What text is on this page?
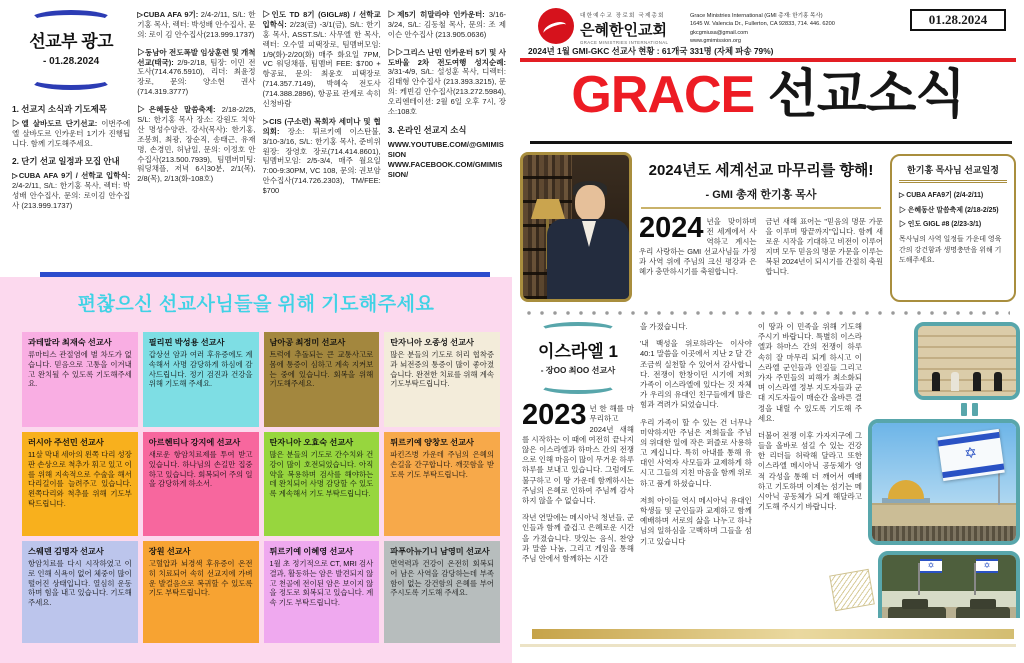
선교부 광고
- 01.28.2024
1. 선교지 소식과 기도제목
▷엘 살바도르 단기선교: 이번주에 엘 살바도르 인카운터 1기가 진행됩니다. 함께 기도해주세요.
2. 단기 선교 일정과 모집 안내
▷CUBA AFA 9기 / 선학교 입학식: 2/4-2/11, S/L: 한기홍 목사, 렉터: 박성배 안수집사, 문의: 로이김 안수집사 (213.999.1737)
▷CUBA AFA 9기: 2/4-2/11, S/L: 한기홍 목사, 렉터: 박성배 안수집사, 문의: 로이 김 안수집사(213.999.1737)
▷동남아 전도폭발 임상훈련 및 개척선교(태국): 2/9-2/18, 팀장: 이민 전도사(714.476.5910), 리더: 최윤정 장로, 문의: 양소현 권사(714.319.3777)
▷은혜동산 말씀축제: 2/18-2/25, S/L: 한기홍 목사 장소: 강원도 치악산 명성수양관, 강사(목사): 한기홍, 조봉희, 최광, 장순직, 송태근, 유재명, 손경민, 허남일, 문의: 이정호 안수집사(213.500.7939), 팀멤버미팅: 워딩채플, 저녁 6시30분, 2/1(목), 2/8(목), 2/13(화-108호)
▷인도 TD 8기 (GIGL#8) / 선학교 입학식: 2/23(금) -3/1(금), S/L: 한기홍 목사, ASST.S/L: 사무엘 한 목사, 렉터: 오수열 피택장로, 팀멤버모임: 1/9(화)-2/20(화) 매주 화요일 7PM, VC 워딩채플, 팀멤버 FEE: $700 + 항공료, 문의: 최윤호 피택장로(714.357.7149), 박혜숙 전도사(714.388.2896), 항공료 관계로 속히 신청바람
▷CIS (구소련) 목회자 세미나 및 협의회: 장소: 튀르키예 이스탄불, 3/10-3/16, S/L: 한기홍 목사, 준비위원장: 장영호 장로(714.414.8601), 팀멤버모임: 2/5-3/4, 매주 월요일 7:00-9:30PM, VC 108, 문의: 권보암 안수집사(714.726.2303), TM/FEE: $700
▷제5기 히말라야 인카운터: 3/16-3/24, S/L: 김동철 목사, 문의: 조 제이슨 안수집사 (213.905.0636)
▷▷그리스 난민 인카운터 5기 및 사도바울 2차 전도여행 성지순례: 3/31-4/9, S/L: 설성훈 목사, 디렉터: 김태형 안수집사 (213.393.3215), 문의: 케빈김 안수집사(213.272.5984), 오리엔테이션: 2월 6일 오후 7시, 장소:108호
3. 온라인 선교지 소식
WWW.YOUTUBE.COM/@GMIMISSION
WWW.FACEBOOK.COM/GMIMISSION/
편찮으신 선교사님들을 위해 기도해주세요
과테말라 최재숙 선교사

류마티스 관절염에 별 차도가 없습니다. 믿음으로 고통을 이겨내고 완치될 수 있도록 기도해주세요.

필리핀 박성용 선교사

갑상선 암과 여러 후유증에도 계속해서 사명 감당하게 하심에 감사드립니다. 정기 검진과 건강을 위해 기도해 주세요.

남아공 최정미 선교사

트럭에 추돌되는 큰 교통사고로 몸에 통증이 심하고 계속 지켜보는 중에 있습니다. 회복을 위해 기도해주세요.

탄자니아 오종성 선교사

많은 분들의 기도로 허리 협착증과 뇌전증의 통증이 많이 좋아졌습니다. 완전한 치료를 위해 계속 기도부탁드립니다.

러시아 주선민 선교사

11살 막내 세아의 왼쪽 다리 성장판 손상으로 척추가 휘고 있고 이를 위해 지속적으로 수술을 해서 다리길이를 늘려주고 있습니다. 왼쪽다리와 척추를 위해 기도부탁드립니다.

아르헨티나 강지에 선교사

새로운 항암치료제를 투여 받고 있습니다. 하나님의 손길만 집중하고 있습니다. 회복되어 주의 일을 감당하게 하소서.

탄자니아 오효숙 선교사

많은 분들의 기도로 간수치와 건강이 많이 호전되었습니다. 아직 약을 복용하며 검사를 해야하는데 완치되어 사명 감당할 수 있도록 계속해서 기도 부탁드립니다.

튀르키예 양창모 선교사

파킨즈병 가운데 주님의 은혜의 손길을 간구합니다. 깨끗함을 받도록 기도 부탁드립니다.

스웨덴 김명자 선교사

항암치료를 다시 시작하였고 이로 인해 식욕이 없어 체중이 많이 떨어진 상태입니다. 열심히 운동하며 힘을 내고 있습니다. 기도해 주세요.

장원 선교사

고혈압과 뇌경색 후유증이 온전히 치료되어 속히 선교지에 가벼운 발걸음으로 복귀할 수 있도록 기도 부탁드립니다.

튀르키예 이혜영 선교사

1월 초 정기적으로 CT, MRI 검사 결과, 활동하는 암은 발견되지 않고 천골에 전이된 암은 보이지 않을 정도로 회복되고 있습니다. 계속 기도 부탁드립니다.

파푸아뉴기니 남영미 선교사

면역력과 건강이 온전히 회복되어 남은 사역을 감당하는데 부족함이 없는 강건함의 은혜를 부어주시도록 기도해 주세요.

대한예수교 장로회 국제총회
은혜한인교회
GRACE MINISTRIES INTERNATIONAL
Grace Ministries International (GMI 총재: 한기홍 목사)
1645 W. Valencia Dr., Fullerton, CA 92833, 714. 446. 6200
gkcgmiusa@gmail.com
www.gmimission.org
01.28.2024
2024년 1월 GMI-GKC 선교사 현황 : 61개국 331명 (자체 파송 79%)
GRACE 선교소식
2024년도 세계선교 마무리를 향해!
- GMI 총재 한기홍 목사
2024 년을 맞이하며 전 세계에서 사역하고 계시는 우리 사랑하는 GMI 선교사님들 가정과 사역 위에 주님의 크신 평강과 은혜가 충만하시기를 축원합니다.
금년 새해 표어는 "믿음의 명문 가문을 이루며 땅끝까지"입니다. 함께 새로운 시작을 기대하고 비전이 이루어지며 모두 믿음의 명문 가문을 이루는 복된 2024년이 되시기를 간절히 축원합니다.
한기홍 목사님 선교일정
▷ CUBA AFA9기 (2/4-2/11)
▷ 은혜동산 말씀축제 (2/18-2/25)
▷ 인도 GIGL #8 (2/23-3/1)
목사님의 사역 일정들 가운데 영육간의 강건함과 생명충만을 위해 기도해주세요.
이스라엘 1
- 장OO 최OO 선교사

2023 년 한 해를 마무리하고 2024년 새해를 시작하는 이 때에 여전히 끝나지 않은 이스라엘과 하마스 간의 전쟁으로 인해 마음이 많이 무거운 하루하루를 보내고 있습니다. 그럼에도 불구하고 이 땅 가운데 함께하시는 주님의 은혜로 인하여 주님께 감사하지 않을 수 없습니다.

작년 연말에는 메시아닉 청년들, 군인들과 함께 즐겁고 은혜로운 시간을 가졌습니다. 맛있는 음식, 찬양과 말씀 나눔, 그리고 게임을 통해 주님 안에서 함께하는 시간

을 가졌습니다.

'내 백성을 위로하라'는 이사야 40:1 말씀을 이곳에서 지난 2 달 간 조금씩 실천할 수 있어서 감사합니다. 전쟁이 한창이던 시기에 저희 가족이 이스라엘에 있다는 것 자체가 우리의 유대인 친구들에게 많은 힘과 격려가 되었습니다.

우리 가족이 할 수 있는 건 너무나 미약하지만 주님은 저희들을 주님의 위대한 일에 작은 퍼즐로 사용하고 계십니다. 특히 아내를 통해 유대인 사역자 사모들과 교제하게 하시고 그들의 지친 마음을 함께 위로하고 품게 하셨습니다.

저희 아이들 역시 메시아닉 유대인 학생들 및 군인들과 교제하고 함께 예배하며 서로의 삶을 나누고 하나님의 일하심을 고백하며 그들을 섬기고 있습니다

이 땅과 이 민족을 위해 기도해 주시기 바랍니다. 특별히 이스라엘과 하마스 간의 전쟁이 하루 속히 잘 마무리 되게 하시고 이스라엘 군인들과 인질들 그리고 가자 주민들의 피해가 최소화되며 이스라엘 정부 지도자들과 군대 지도자들이 매순간 올바른 결정을 내릴 수 있도록 기도해 주세요.

더불어 전쟁 이후 가자지구에 그들을 올바로 섬길 수 있는 건강한 리더들 허락해 달라고 또한 이스라엘 메시아닉 공동체가 영적 각성을 통해 더 깨어서 예배하고 기도하며 이제는 섬기는 메시아닉 공동체가 되게 해달라고 기도해 주시기 바랍니다.

✡
✡	✡
